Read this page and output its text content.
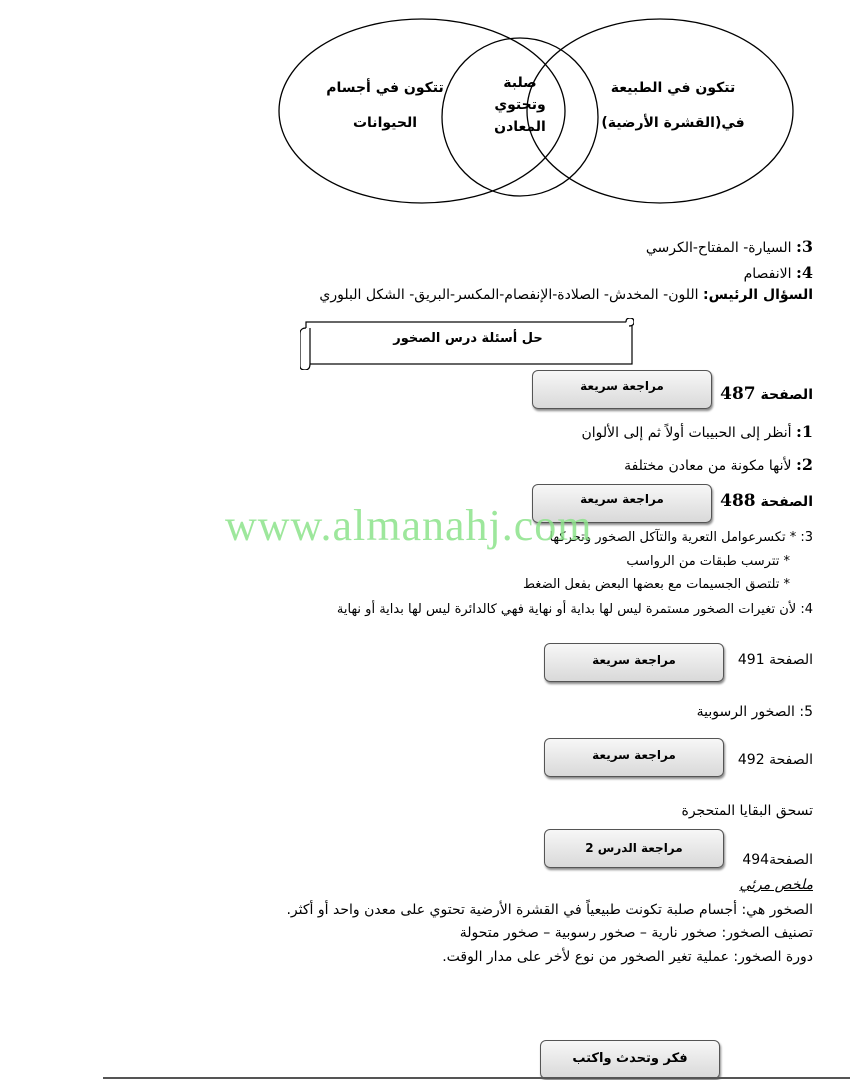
تتكون في أجسام
الحيوانات
صلبة
وتحتوي
المعادن
تتكون في الطبيعة
في(القشرة الأرضية)
3: السيارة- المفتاح-الكرسي
4: الانفصام
السؤال الرئيس: اللون- المخدش- الصلادة-الإنفصام-المكسر-البريق- الشكل البلوري
حل أسئلة درس الصخور
مراجعة سريعة
الصفحة 487
1: أنظر إلى الحبيبات أولاً ثم إلى الألوان
2: لأنها مكونة من معادن مختلفة
مراجعة سريعة	الصفحة 488
3: * تكسرعوامل التعرية والتآكل الصخور وتحركها
* تترسب طبقات من الرواسب
* تلتصق الجسيمات مع بعضها البعض بفعل الضغط
4: لأن تغيرات الصخور مستمرة ليس لها بداية أو نهاية فهي كالدائرة ليس لها بداية أو نهاية
www.almanahj.com
مراجعة سريعة	الصفحة 491
5: الصخور الرسوبية
مراجعة سريعة	الصفحة 492
تسحق البقايا المتحجرة
مراجعة الدرس 2
الصفحة494
ملخص مرئي
الصخور هي: أجسام صلبة تكونت طبيعياً في القشرة الأرضية تحتوي على معدن واحد أو أكثر.
تصنيف الصخور: صخور نارية – صخور رسوبية – صخور متحولة
دورة الصخور: عملية تغير الصخور من نوع لأخر على مدار الوقت.
فكر وتحدث واكتب
